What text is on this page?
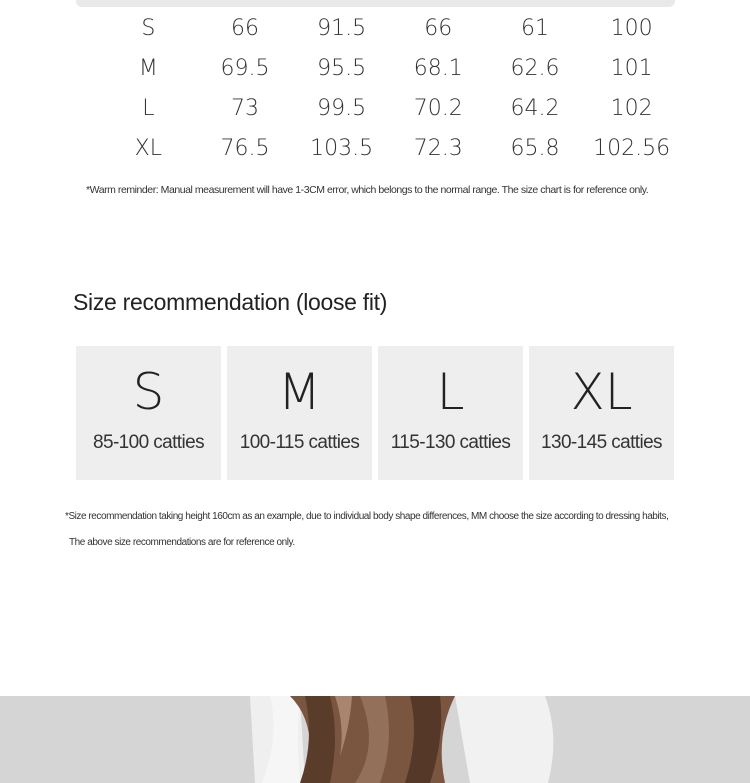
S	66	91.5	66	61	100
M	69.5	95.5	68.1	62.6	101
L	73	99.5	70.2	64.2	102
XL	76.5	103.5	72.3	65.8	102.56
*Warm reminder: Manual measurement will have 1-3CM error, which belongs to the normal range. The size chart is for reference only.
Size recommendation (loose fit)
S
85-100 catties
M
100-115 catties
L
115-130 catties
XL
130-145 catties
*Size recommendation taking height 160cm as an example, due to individual body shape differences, MM choose the size according to dressing habits,
The above size recommendations are for reference only.
